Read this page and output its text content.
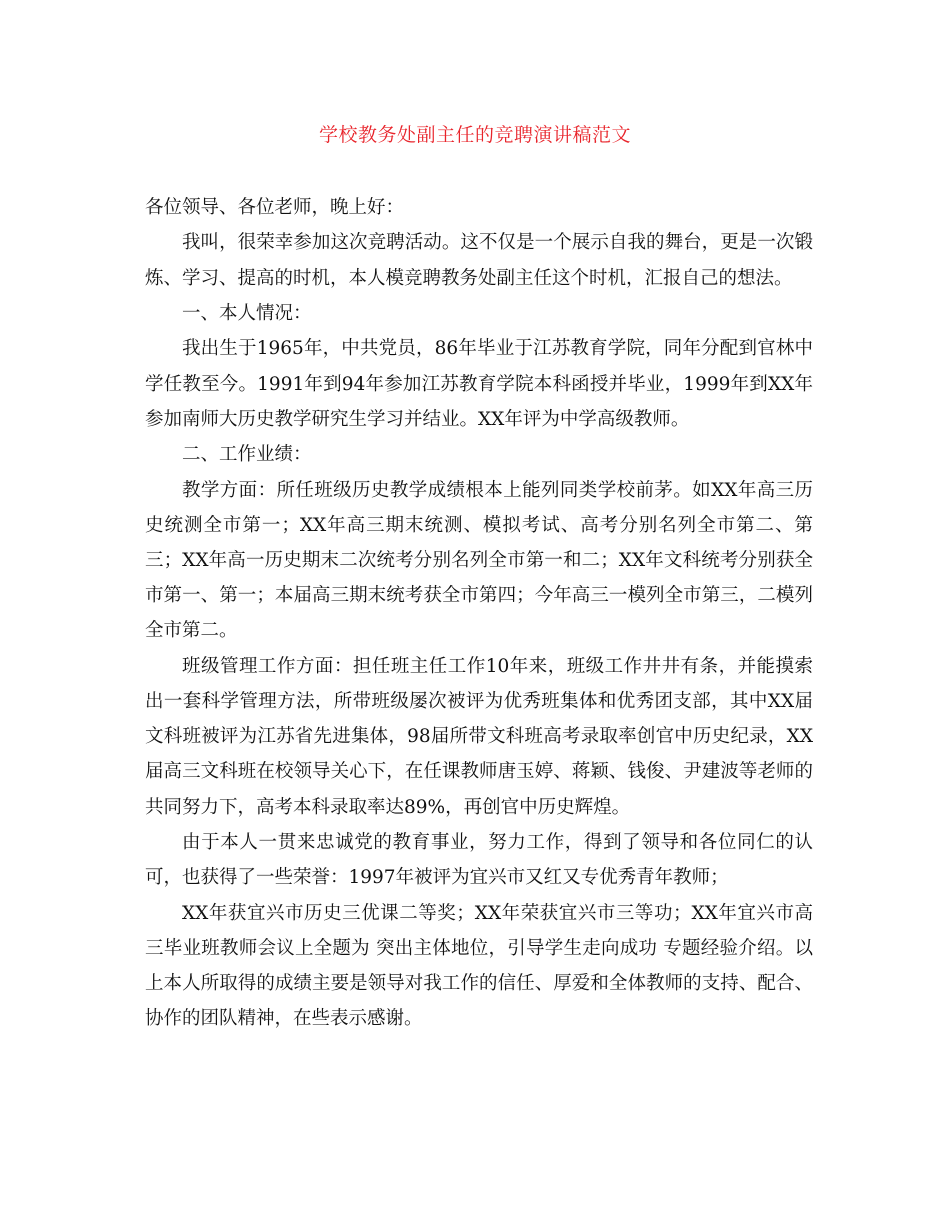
学校教务处副主任的竞聘演讲稿范文

各位领导、各位老师，晚上好：

我叫，很荣幸参加这次竞聘活动。这不仅是一个展示自我的舞台，更是一次锻炼、学习、提高的时机，本人模竞聘教务处副主任这个时机，汇报自己的想法。

一、本人情况：

我出生于1965年，中共党员，86年毕业于江苏教育学院，同年分配到官林中学任教至今。1991年到94年参加江苏教育学院本科函授并毕业，1999年到XX年参加南师大历史教学研究生学习并结业。XX年评为中学高级教师。

二、工作业绩：

教学方面：所任班级历史教学成绩根本上能列同类学校前茅。如XX年高三历史统测全市第一；XX年高三期末统测、模拟考试、高考分别名列全市第二、第三；XX年高一历史期末二次统考分别名列全市第一和二；XX年文科统考分别获全市第一、第一；本届高三期末统考获全市第四；今年高三一模列全市第三，二模列全市第二。

班级管理工作方面：担任班主任工作10年来，班级工作井井有条，并能摸索出一套科学管理方法，所带班级屡次被评为优秀班集体和优秀团支部，其中XX届文科班被评为江苏省先进集体，98届所带文科班高考录取率创官中历史纪录，XX届高三文科班在校领导关心下，在任课教师唐玉婷、蒋颖、钱俊、尹建波等老师的共同努力下，高考本科录取率达89%，再创官中历史辉煌。

由于本人一贯来忠诚党的教育事业，努力工作，得到了领导和各位同仁的认可，也获得了一些荣誉：1997年被评为宜兴市又红又专优秀青年教师；

XX年获宜兴市历史三优课二等奖；XX年荣获宜兴市三等功；XX年宜兴市高三毕业班教师会议上全题为 突出主体地位，引导学生走向成功 专题经验介绍。以上本人所取得的成绩主要是领导对我工作的信任、厚爱和全体教师的支持、配合、协作的团队精神，在些表示感谢。
